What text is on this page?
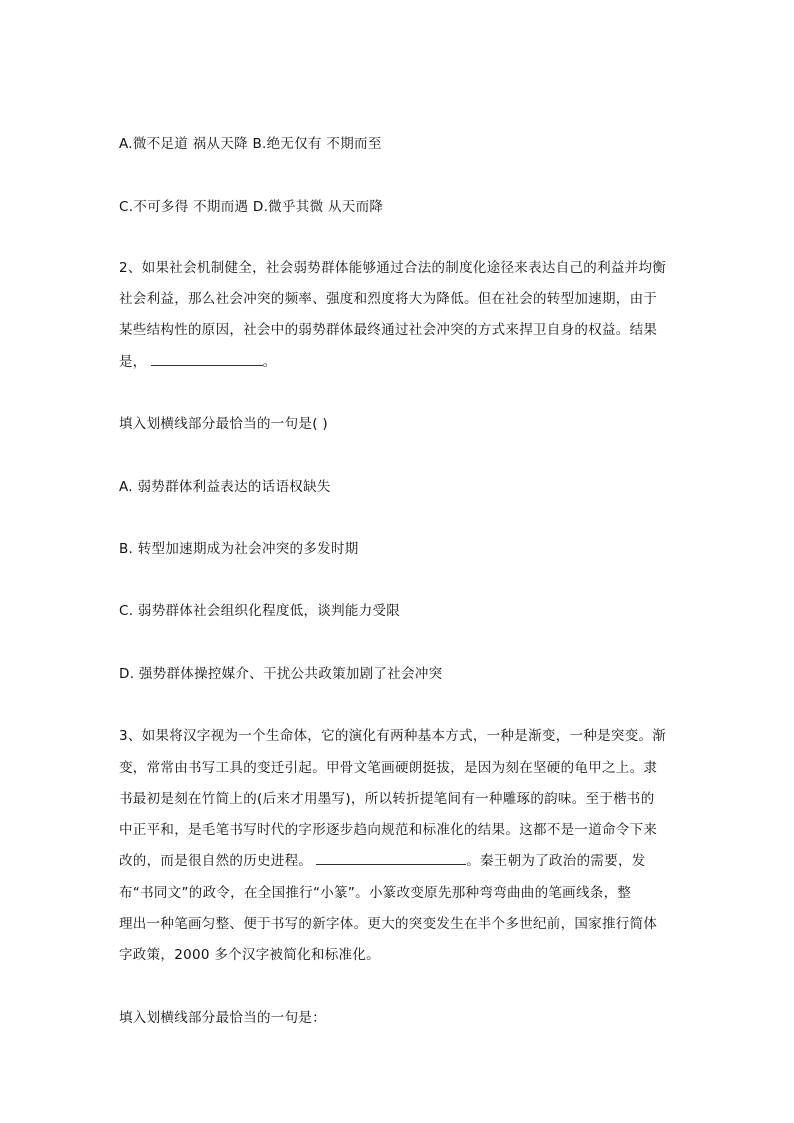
A.微不足道 祸从天降 B.绝无仅有 不期而至
C.不可多得 不期而遇 D.微乎其微 从天而降
2、如果社会机制健全，社会弱势群体能够通过合法的制度化途径来表达自己的利益并均衡
社会利益，那么社会冲突的频率、强度和烈度将大为降低。但在社会的转型加速期，由于
某些结构性的原因，社会中的弱势群体最终通过社会冲突的方式来捍卫自身的权益。结果
是，	。
填入划横线部分最恰当的一句是( )
A. 弱势群体利益表达的话语权缺失
B. 转型加速期成为社会冲突的多发时期
C. 弱势群体社会组织化程度低，谈判能力受限
D. 强势群体操控媒介、干扰公共政策加剧了社会冲突
3、如果将汉字视为一个生命体，它的演化有两种基本方式，一种是渐变，一种是突变。渐
变，常常由书写工具的变迁引起。甲骨文笔画硬朗挺拔，是因为刻在坚硬的龟甲之上。隶
书最初是刻在竹简上的(后来才用墨写)，所以转折提笔间有一种雕琢的韵味。至于楷书的
中正平和，是毛笔书写时代的字形逐步趋向规范和标准化的结果。这都不是一道命令下来
改的，而是很自然的历史进程。	。秦王朝为了政治的需要，发
布“书同文”的政令，在全国推行“小篆”。小篆改变原先那种弯弯曲曲的笔画线条，整
理出一种笔画匀整、便于书写的新字体。更大的突变发生在半个多世纪前，国家推行简体
字政策，2000 多个汉字被简化和标准化。
填入划横线部分最恰当的一句是：
